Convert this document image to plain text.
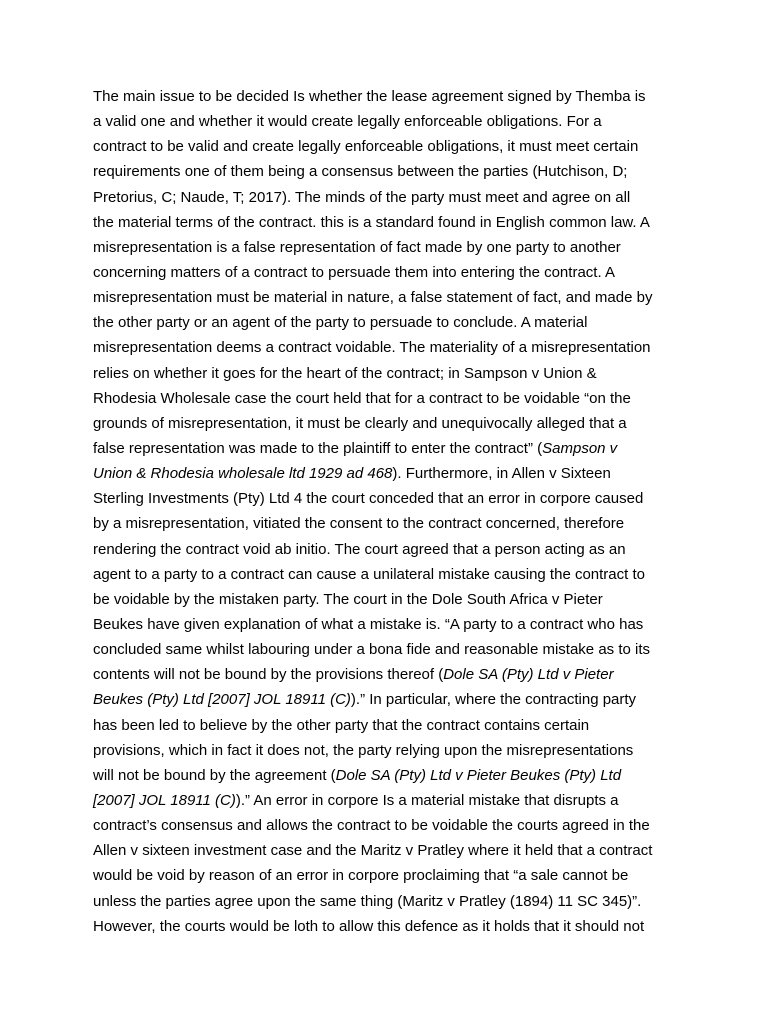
The main issue to be decided Is whether the lease agreement signed by Themba is
a valid one and whether it would create legally enforceable obligations. For a
contract to be valid and create legally enforceable obligations, it must meet certain
requirements one of them being a consensus between the parties (Hutchison, D;
Pretorius, C; Naude, T; 2017). The minds of the party must meet and agree on all
the material terms of the contract. this is a standard found in English common law. A
misrepresentation is a false representation of fact made by one party to another
concerning matters of a contract to persuade them into entering the contract. A
misrepresentation must be material in nature, a false statement of fact, and made by
the other party or an agent of the party to persuade to conclude. A material
misrepresentation deems a contract voidable. The materiality of a misrepresentation
relies on whether it goes for the heart of the contract; in Sampson v Union &
Rhodesia Wholesale case the court held that for a contract to be voidable “on the
grounds of misrepresentation, it must be clearly and unequivocally alleged that a
false representation was made to the plaintiff to enter the contract” (Sampson v
Union & Rhodesia wholesale ltd 1929 ad 468). Furthermore, in Allen v Sixteen
Sterling Investments (Pty) Ltd 4 the court conceded that an error in corpore caused
by a misrepresentation, vitiated the consent to the contract concerned, therefore
rendering the contract void ab initio. The court agreed that a person acting as an
agent to a party to a contract can cause a unilateral mistake causing the contract to
be voidable by the mistaken party. The court in the Dole South Africa v Pieter
Beukes have given explanation of what a mistake is. “A party to a contract who has
concluded same whilst labouring under a bona fide and reasonable mistake as to its
contents will not be bound by the provisions thereof (Dole SA (Pty) Ltd v Pieter
Beukes (Pty) Ltd [2007] JOL 18911 (C)).” In particular, where the contracting party
has been led to believe by the other party that the contract contains certain
provisions, which in fact it does not, the party relying upon the misrepresentations
will not be bound by the agreement (Dole SA (Pty) Ltd v Pieter Beukes (Pty) Ltd
[2007] JOL 18911 (C)).” An error in corpore Is a material mistake that disrupts a
contract’s consensus and allows the contract to be voidable the courts agreed in the
Allen v sixteen investment case and the Maritz v Pratley where it held that a contract
would be void by reason of an error in corpore proclaiming that “a sale cannot be
unless the parties agree upon the same thing (Maritz v Pratley (1894) 11 SC 345)”.
However, the courts would be loth to allow this defence as it holds that it should not
